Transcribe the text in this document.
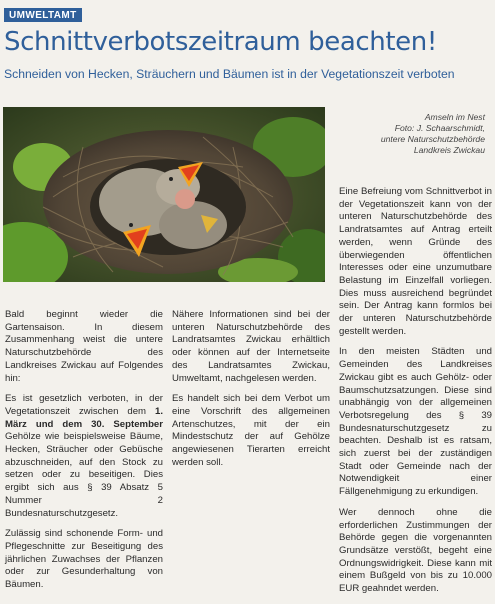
UMWELTAMT
Schnittverbotszeitraum beachten!

Schneiden von Hecken, Sträuchern und Bäumen ist in der Vegetationszeit verboten

Amseln im Nest
Foto: J. Schaarschmidt,
untere Naturschutzbehörde
Landkreis Zwickau

Bald beginnt wieder die Gartensaison. In diesem Zusammenhang weist die untere Naturschutzbehörde des Landkreises Zwickau auf Folgendes hin:

Es ist gesetzlich verboten, in der Vegetationszeit zwischen dem 1. März und dem 30. September Gehölze wie beispielsweise Bäume, Hecken, Sträucher oder Gebüsche abzuschneiden, auf den Stock zu setzen oder zu beseitigen. Dies ergibt sich aus § 39 Absatz 5 Nummer 2 Bundesnaturschutzgesetz.

Zulässig sind schonende Form- und Pflegeschnitte zur Beseitigung des jährlichen Zuwachses der Pflanzen oder zur Gesunderhaltung von Bäumen.

Nähere Informationen sind bei der unteren Naturschutzbehörde des Landratsamtes Zwickau erhältlich oder können auf der Internetseite des Landratsamtes Zwickau, Umweltamt, nachgelesen werden.

Es handelt sich bei dem Verbot um eine Vorschrift des allgemeinen Artenschutzes, mit der ein Mindestschutz der auf Gehölze angewiesenen Tierarten erreicht werden soll.

Eine Befreiung vom Schnittverbot in der Vegetationszeit kann von der unteren Naturschutzbehörde des Landratsamtes auf Antrag erteilt werden, wenn Gründe des überwiegenden öffentlichen Interesses oder eine unzumutbare Belastung im Einzelfall vorliegen. Dies muss ausreichend begründet sein. Der Antrag kann formlos bei der unteren Naturschutzbehörde gestellt werden.

In den meisten Städten und Gemeinden des Landkreises Zwickau gibt es auch Gehölz- oder Baumschutzsatzungen. Diese sind unabhängig von der allgemeinen Verbotsregelung des § 39 Bundesnaturschutzgesetz zu beachten. Deshalb ist es ratsam, sich zuerst bei der zuständigen Stadt oder Gemeinde nach der Notwendigkeit einer Fällgenehmigung zu erkundigen.

Wer dennoch ohne die erforderlichen Zustimmungen der Behörde gegen die vorgenannten Grundsätze verstößt, begeht eine Ordnungswidrigkeit. Diese kann mit einem Bußgeld von bis zu 10.000 EUR geahndet werden.
